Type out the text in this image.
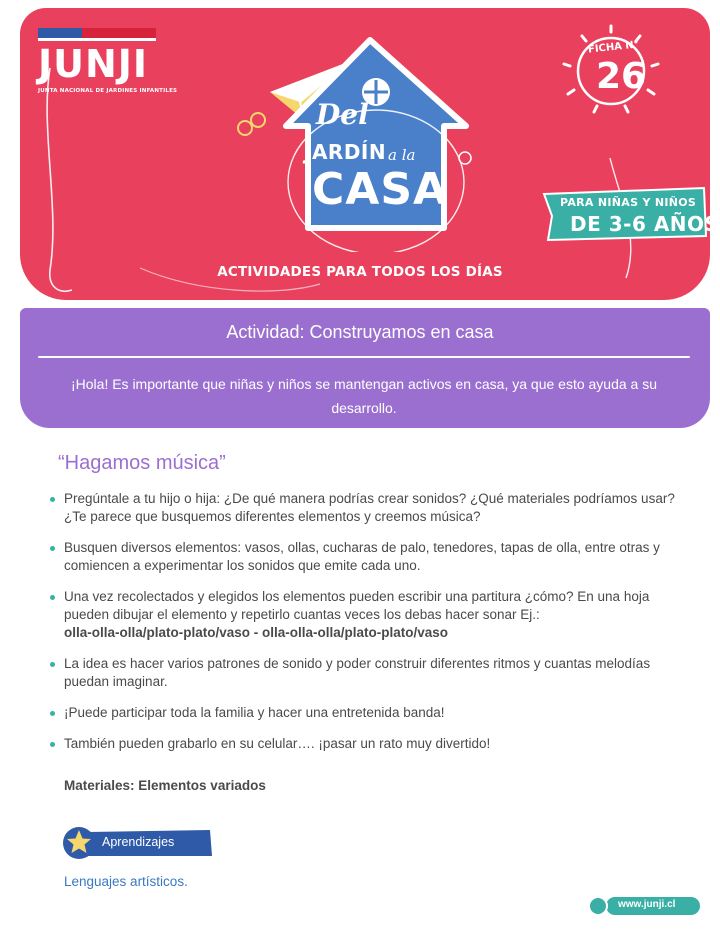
JUNJI
JUNTA NACIONAL DE JARDINES INFANTILES
Del
JARDÍN a la
CASA
FICHA N°
26
PARA NIÑAS Y NIÑOS
DE 3-6 AÑOS
ACTIVIDADES PARA TODOS LOS DÍAS
Actividad: Construyamos en casa
¡Hola! Es importante que niñas y niños se mantengan activos en casa, ya que esto ayuda a su desarrollo.
“Hagamos música”
Pregúntale a tu hijo o hija: ¿De qué manera podrías crear sonidos? ¿Qué materiales podríamos usar? ¿Te parece que busquemos diferentes elementos y creemos música?
Busquen diversos elementos: vasos, ollas, cucharas de palo, tenedores, tapas de olla, entre otras y comiencen a experimentar los sonidos que emite cada uno.
Una vez recolectados y elegidos los elementos pueden escribir una partitura ¿cómo? En una hoja pueden dibujar el elemento y repetirlo cuantas veces los debas hacer sonar Ej.:
olla-olla-olla/plato-plato/vaso - olla-olla-olla/plato-plato/vaso
La idea es hacer varios patrones de sonido y poder construir diferentes ritmos y cuantas melodías puedan imaginar.
¡Puede participar toda la familia y hacer una entretenida banda!
También pueden grabarlo en su celular…. ¡pasar un rato muy divertido!
Materiales: Elementos variados
Aprendizajes
Lenguajes artísticos.
www.junji.cl
